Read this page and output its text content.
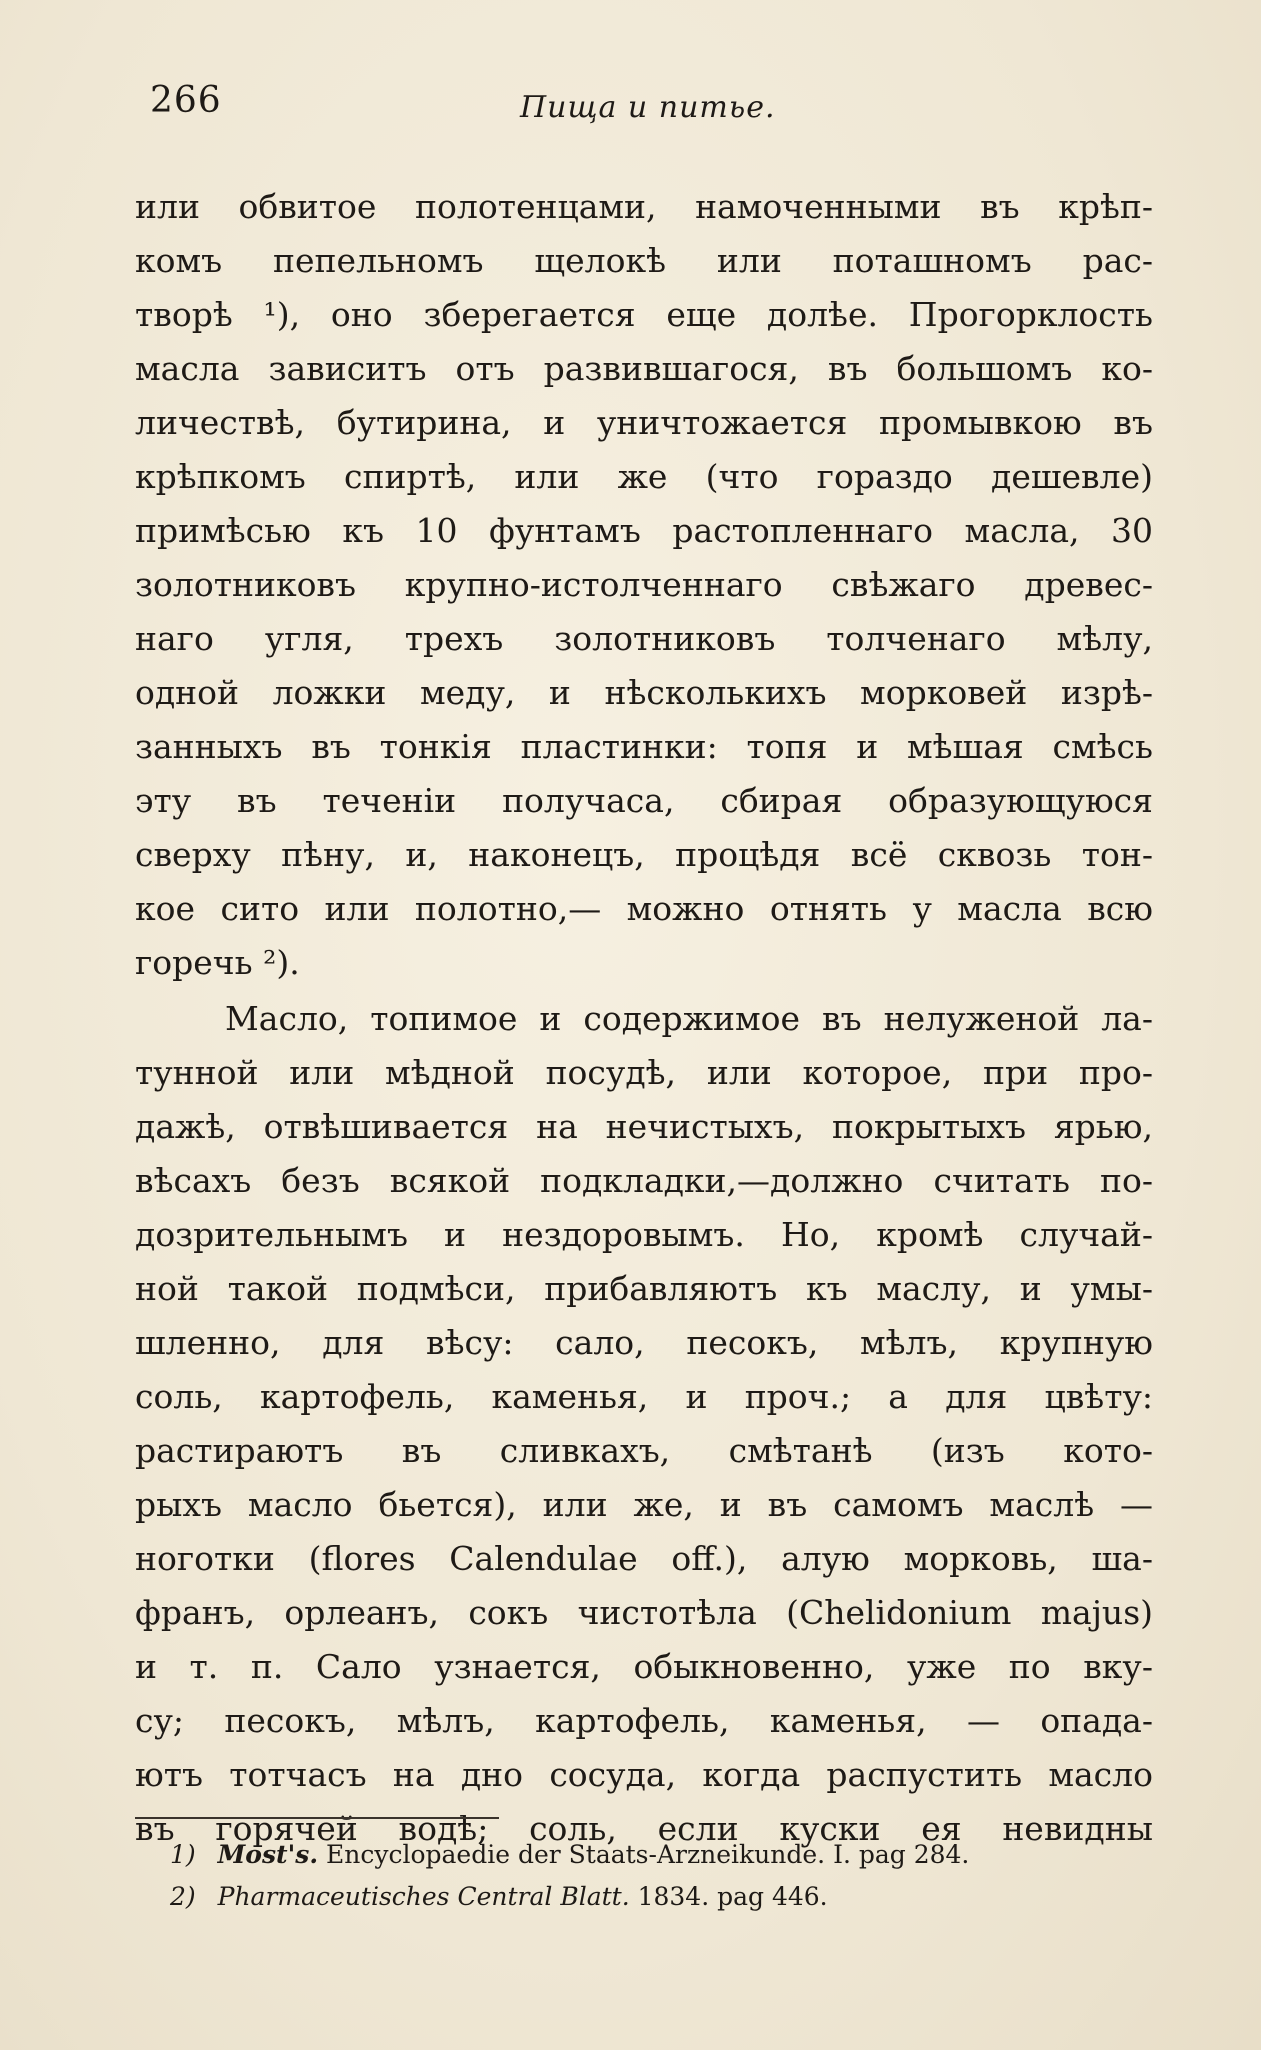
266	Пища и питье.
или обвитое полотенцами, намоченными въ крѣп-
комъ пепельномъ щелокѣ или поташномъ рас-
творѣ ¹), оно зберегается еще долѣе. Прогорклость
масла зависитъ отъ развившагося, въ большомъ ко-
личествѣ, бутирина, и уничтожается промывкою въ
крѣпкомъ спиртѣ, или же (что гораздо дешевле)
примѣсью къ 10 фунтамъ растопленнаго масла, 30
золотниковъ крупно-истолченнаго свѣжаго древес-
наго угля, трехъ золотниковъ толченаго мѣлу,
одной ложки меду, и нѣсколькихъ морковей изрѣ-
занныхъ въ тонкія пластинки: топя и мѣшая смѣсь
эту въ теченіи получаса, сбирая образующуюся
сверху пѣну, и, наконецъ, процѣдя всё сквозь тон-
кое сито или полотно,— можно отнять у масла всю
горечь ²).
Масло, топимое и содержимое въ нелуженой ла-
тунной или мѣдной посудѣ, или которое, при про-
дажѣ, отвѣшивается на нечистыхъ, покрытыхъ ярью,
вѣсахъ безъ всякой подкладки,—должно считать по-
дозрительнымъ и нездоровымъ. Но, кромѣ случай-
ной такой подмѣси, прибавляютъ къ маслу, и умы-
шленно, для вѣсу: сало, песокъ, мѣлъ, крупную
соль, картофель, каменья, и проч.; а для цвѣту:
растираютъ въ сливкахъ, смѣтанѣ (изъ кото-
рыхъ масло бьется), или же, и въ самомъ маслѣ —
ноготки (flores Calendulae off.), алую морковь, ша-
франъ, орлеанъ, сокъ чистотѣла (Chelidonium majus)
и т. п. Сало узнается, обыкновенно, уже по вку-
су; песокъ, мѣлъ, картофель, каменья, — опада-
ютъ тотчасъ на дно сосуда, когда распустить масло
въ горячей водѣ; соль, если куски ея невидны
1) Most's. Encyclopaedie der Staats-Arzneikunde. I. pag 284.
2) Pharmaceutisches Central Blatt. 1834. pag 446.
